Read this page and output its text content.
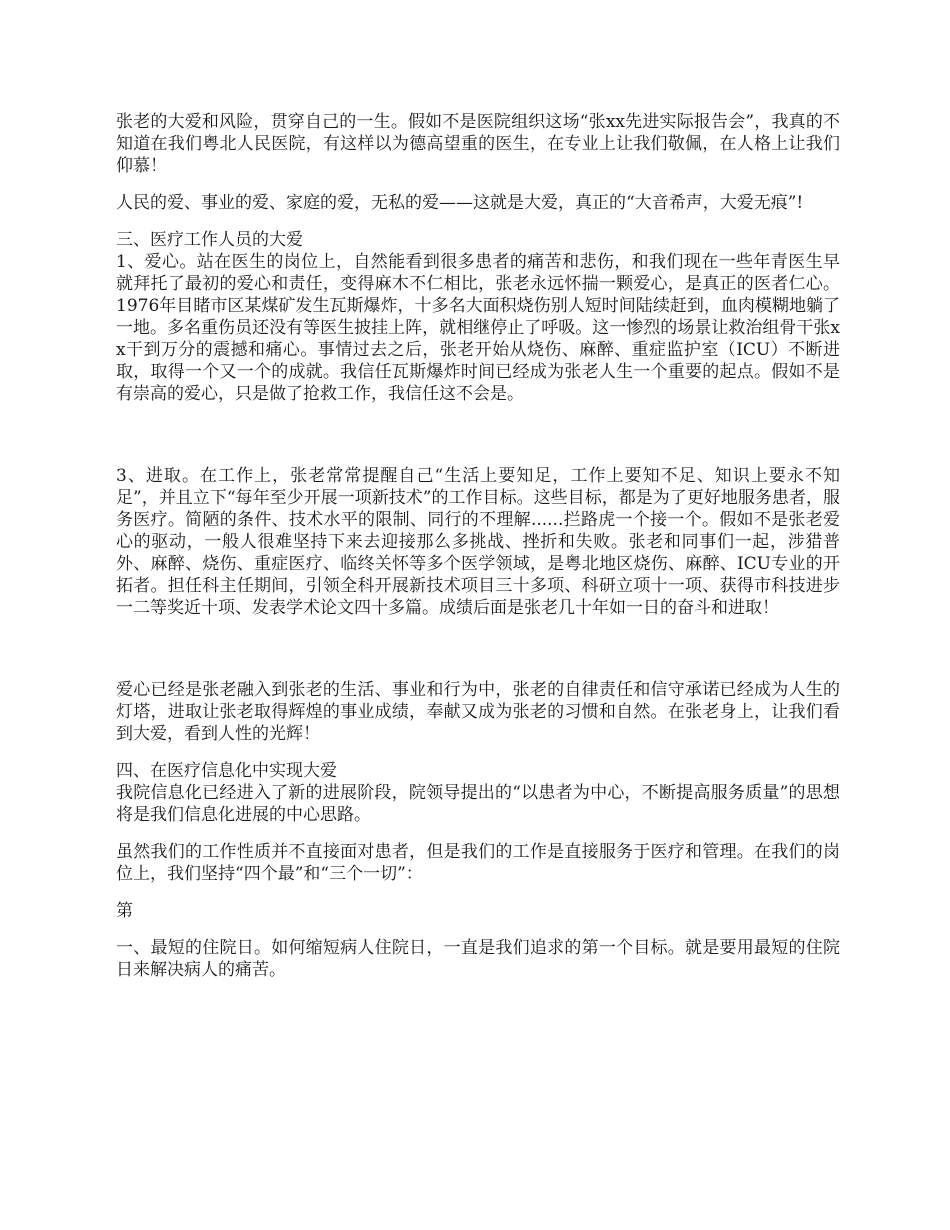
张老的大爱和风险，贯穿自己的一生。假如不是医院组织这场“张xx先进实际报告会”，我真的不知道在我们粤北人民医院，有这样以为德高望重的医生，在专业上让我们敬佩，在人格上让我们仰慕！

人民的爱、事业的爱、家庭的爱，无私的爱——这就是大爱，真正的“大音希声，大爱无痕”!

三、医疗工作人员的大爱

1、爱心。站在医生的岗位上，自然能看到很多患者的痛苦和悲伤，和我们现在一些年青医生早就拜托了最初的爱心和责任，变得麻木不仁相比，张老永远怀揣一颗爱心，是真正的医者仁心。1976年目睹市区某煤矿发生瓦斯爆炸，十多名大面积烧伤别人短时间陆续赶到，血肉模糊地躺了一地。多名重伤员还没有等医生披挂上阵，就相继停止了呼吸。这一惨烈的场景让救治组骨干张xx干到万分的震撼和痛心。事情过去之后，张老开始从烧伤、麻醉、重症监护室（ICU）不断进取，取得一个又一个的成就。我信任瓦斯爆炸时间已经成为张老人生一个重要的起点。假如不是有崇高的爱心，只是做了抢救工作，我信任这不会是。

3、进取。在工作上，张老常常提醒自己“生活上要知足，工作上要知不足、知识上要永不知足”，并且立下“每年至少开展一项新技术”的工作目标。这些目标，都是为了更好地服务患者，服务医疗。简陋的条件、技术水平的限制、同行的不理解......拦路虎一个接一个。假如不是张老爱心的驱动，一般人很难坚持下来去迎接那么多挑战、挫折和失败。张老和同事们一起，涉猎普外、麻醉、烧伤、重症医疗、临终关怀等多个医学领域，是粤北地区烧伤、麻醉、ICU专业的开拓者。担任科主任期间，引领全科开展新技术项目三十多项、科研立项十一项、获得市科技进步一二等奖近十项、发表学术论文四十多篇。成绩后面是张老几十年如一日的奋斗和进取！

爱心已经是张老融入到张老的生活、事业和行为中，张老的自律责任和信守承诺已经成为人生的灯塔，进取让张老取得辉煌的事业成绩，奉献又成为张老的习惯和自然。在张老身上，让我们看到大爱，看到人性的光辉！

四、在医疗信息化中实现大爱

我院信息化已经进入了新的进展阶段，院领导提出的“以患者为中心，不断提高服务质量”的思想将是我们信息化进展的中心思路。

虽然我们的工作性质并不直接面对患者，但是我们的工作是直接服务于医疗和管理。在我们的岗位上，我们坚持“四个最”和“三个一切”：

第

一、最短的住院日。如何缩短病人住院日，一直是我们追求的第一个目标。就是要用最短的住院日来解决病人的痛苦。
